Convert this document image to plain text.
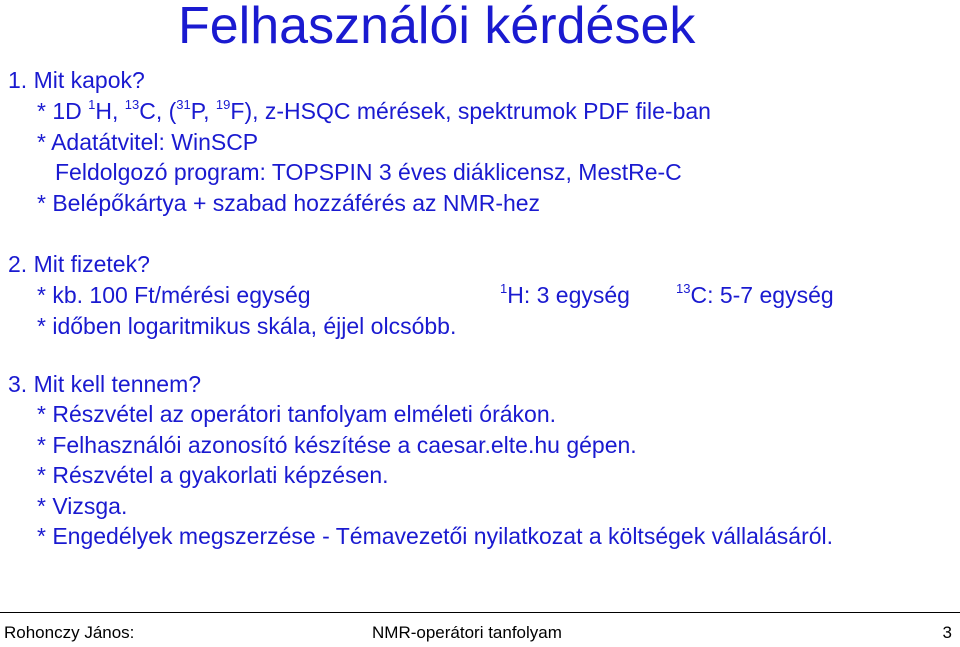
Felhasználói kérdések
1. Mit kapok?
* 1D $^1$H, $^{13}$C, ($^{31}$P, $^{19}$F), z-HSQC mérések, spektrumok PDF file-ban
* Adatátvitel: WinSCP
Feldolgozó program: TOPSPIN 3 éves diáklicensz, MestRe-C
* Belépőkártya + szabad hozzáférés az NMR-hez
2. Mit fizetek?
* kb. 100 Ft/mérési egység	$^1$H: 3 egység	$^{13}$C: 5-7 egység
* időben logaritmikus skála, éjjel olcsóbb.
3. Mit kell tennem?
* Részvétel az operátori tanfolyam elméleti órákon.
* Felhasználói azonosító készítése a caesar.elte.hu gépen.
* Részvétel a gyakorlati képzésen.
* Vizsga.
* Engedélyek megszerzése - Témavezetői nyilatkozat a költségek vállalásáról.
Rohonczy János:	NMR-operátori tanfolyam	3
